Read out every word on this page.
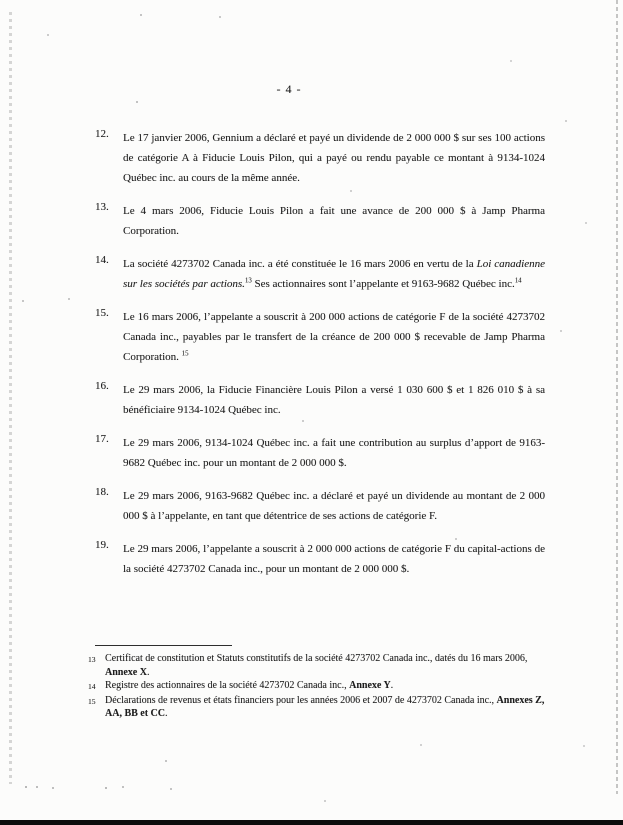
- 4 -
12.	Le 17 janvier 2006, Gennium a déclaré et payé un dividende de 2 000 000 $ sur ses 100 actions de catégorie A à Fiducie Louis Pilon, qui a payé ou rendu payable ce montant à 9134-1024 Québec inc. au cours de la même année.

13.	Le 4 mars 2006, Fiducie Louis Pilon a fait une avance de 200 000 $ à Jamp Pharma Corporation.

14.	La société 4273702 Canada inc. a été constituée le 16 mars 2006 en vertu de la Loi canadienne sur les sociétés par actions.$^{13}$ Ses actionnaires sont l’appelante et 9163-9682 Québec inc.$^{14}$

15.	Le 16 mars 2006, l’appelante a souscrit à 200 000 actions de catégorie F de la société 4273702 Canada inc., payables par le transfert de la créance de 200 000 $ recevable de Jamp Pharma Corporation. $^{15}$

16.	Le 29 mars 2006, la Fiducie Financière Louis Pilon a versé 1 030 600 $ et 1 826 010 $ à sa bénéficiaire 9134-1024 Québec inc.

17.	Le 29 mars 2006, 9134-1024 Québec inc. a fait une contribution au surplus d’apport de 9163-9682 Québec inc. pour un montant de 2 000 000 $.

18.	Le 29 mars 2006, 9163-9682 Québec inc. a déclaré et payé un dividende au montant de 2 000 000 $ à l’appelante, en tant que détentrice de ses actions de catégorie F.

19.	Le 29 mars 2006, l’appelante a souscrit à 2 000 000 actions de catégorie F du capital-actions de la société 4273702 Canada inc., pour un montant de 2 000 000 $.

13 Certificat de constitution et Statuts constitutifs de la société 4273702 Canada inc., datés du 16 mars 2006, Annexe X.

14 Registre des actionnaires de la société 4273702 Canada inc., Annexe Y.

15 Déclarations de revenus et états financiers pour les années 2006 et 2007 de 4273702 Canada inc., Annexes Z, AA, BB et CC.
